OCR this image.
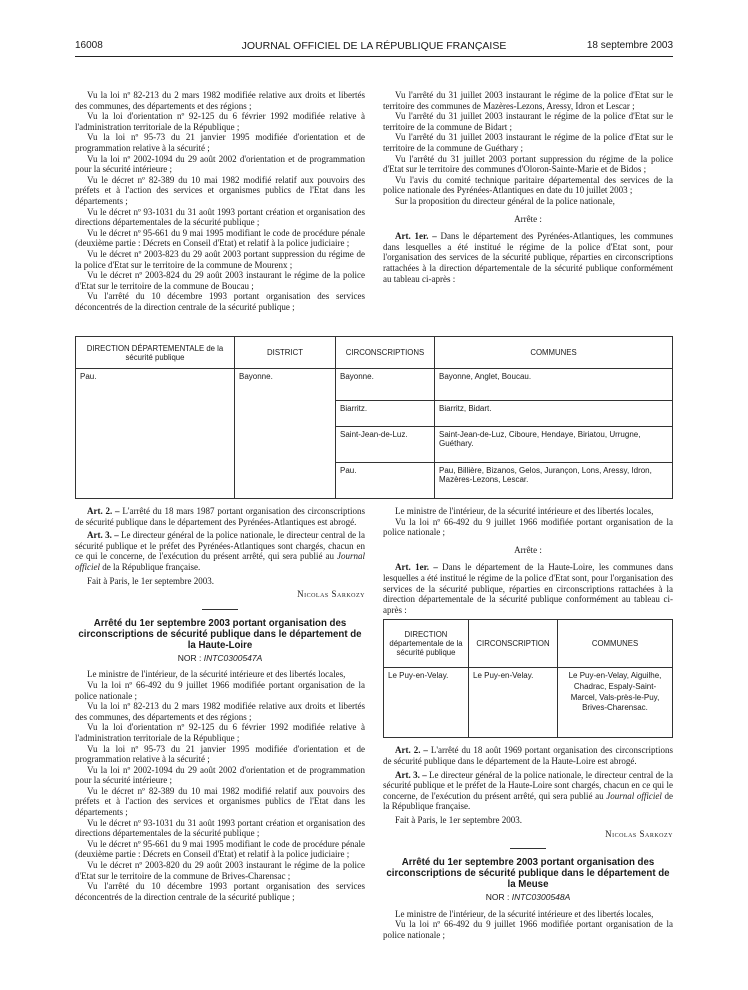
16008	JOURNAL OFFICIEL DE LA RÉPUBLIQUE FRANÇAISE	18 septembre 2003

Vu la loi nº 82-213 du 2 mars 1982 modifiée relative aux droits et libertés des communes, des départements et des régions ;

Vu la loi d'orientation nº 92-125 du 6 février 1992 modifiée relative à l'administration territoriale de la République ;

Vu la loi nº 95-73 du 21 janvier 1995 modifiée d'orientation et de programmation relative à la sécurité ;

Vu la loi nº 2002-1094 du 29 août 2002 d'orientation et de programmation pour la sécurité intérieure ;

Vu le décret nº 82-389 du 10 mai 1982 modifié relatif aux pouvoirs des préfets et à l'action des services et organismes publics de l'Etat dans les départements ;

Vu le décret nº 93-1031 du 31 août 1993 portant création et organisation des directions départementales de la sécurité publique ;

Vu le décret nº 95-661 du 9 mai 1995 modifiant le code de procédure pénale (deuxième partie : Décrets en Conseil d'Etat) et relatif à la police judiciaire ;

Vu le décret nº 2003-823 du 29 août 2003 portant suppression du régime de la police d'Etat sur le territoire de la commune de Mourenx ;

Vu le décret nº 2003-824 du 29 août 2003 instaurant le régime de la police d'Etat sur le territoire de la commune de Boucau ;

Vu l'arrêté du 10 décembre 1993 portant organisation des services déconcentrés de la direction centrale de la sécurité publique ;

Vu l'arrêté du 31 juillet 2003 instaurant le régime de la police d'Etat sur le territoire des communes de Mazères-Lezons, Aressy, Idron et Lescar ;

Vu l'arrêté du 31 juillet 2003 instaurant le régime de la police d'Etat sur le territoire de la commune de Bidart ;

Vu l'arrêté du 31 juillet 2003 instaurant le régime de la police d'Etat sur le territoire de la commune de Guéthary ;

Vu l'arrêté du 31 juillet 2003 portant suppression du régime de la police d'Etat sur le territoire des communes d'Oloron-Sainte-Marie et de Bidos ;

Vu l'avis du comité technique paritaire départemental des services de la police nationale des Pyrénées-Atlantiques en date du 10 juillet 2003 ;

Sur la proposition du directeur général de la police nationale,

Arrête :

Art. 1er. – Dans le département des Pyrénées-Atlantiques, les communes dans lesquelles a été institué le régime de la police d'Etat sont, pour l'organisation des services de la sécurité publique, réparties en circonscriptions rattachées à la direction départementale de la sécurité publique conformément au tableau ci-après :

DIRECTION DÉPARTEMENTALE de la sécurité publique	DISTRICT	CIRCONSCRIPTIONS	COMMUNES
Pau.	Bayonne.	Bayonne.	Bayonne, Anglet, Boucau.
		Biarritz.	Biarritz, Bidart.
		Saint-Jean-de-Luz.	Saint-Jean-de-Luz, Ciboure, Hendaye, Biriatou, Urrugne, Guéthary.
		Pau.	Pau, Billière, Bizanos, Gelos, Jurançon, Lons, Aressy, Idron, Mazères-Lezons, Lescar.

Art. 2. – L'arrêté du 18 mars 1987 portant organisation des circonscriptions de sécurité publique dans le département des Pyrénées-Atlantiques est abrogé.

Art. 3. – Le directeur général de la police nationale, le directeur central de la sécurité publique et le préfet des Pyrénées-Atlantiques sont chargés, chacun en ce qui le concerne, de l'exécution du présent arrêté, qui sera publié au Journal officiel de la République française.

Fait à Paris, le 1er septembre 2003.

Nicolas Sarkozy

Arrêté du 1er septembre 2003 portant organisation des circonscriptions de sécurité publique dans le département de la Haute-Loire
NOR : INTC0300547A

Le ministre de l'intérieur, de la sécurité intérieure et des libertés locales,

Vu la loi nº 66-492 du 9 juillet 1966 modifiée portant organisation de la police nationale ;

Vu la loi nº 82-213 du 2 mars 1982 modifiée relative aux droits et libertés des communes, des départements et des régions ;

Vu la loi d'orientation nº 92-125 du 6 février 1992 modifiée relative à l'administration territoriale de la République ;

Vu la loi nº 95-73 du 21 janvier 1995 modifiée d'orientation et de programmation relative à la sécurité ;

Vu la loi nº 2002-1094 du 29 août 2002 d'orientation et de programmation pour la sécurité intérieure ;

Vu le décret nº 82-389 du 10 mai 1982 modifié relatif aux pouvoirs des préfets et à l'action des services et organismes publics de l'Etat dans les départements ;

Vu le décret nº 93-1031 du 31 août 1993 portant création et organisation des directions départementales de la sécurité publique ;

Vu le décret nº 95-661 du 9 mai 1995 modifiant le code de procédure pénale (deuxième partie : Décrets en Conseil d'Etat) et relatif à la police judiciaire ;

Vu le décret nº 2003-820 du 29 août 2003 instaurant le régime de la police d'Etat sur le territoire de la commune de Brives-Charensac ;

Vu l'arrêté du 10 décembre 1993 portant organisation des services déconcentrés de la direction centrale de la sécurité publique ;

Le ministre de l'intérieur, de la sécurité intérieure et des libertés locales,

Vu la loi nº 66-492 du 9 juillet 1966 modifiée portant organisation de la police nationale ;

Arrête :

Art. 1er. – Dans le département de la Haute-Loire, les communes dans lesquelles a été institué le régime de la police d'Etat sont, pour l'organisation des services de la sécurité publique, réparties en circonscriptions rattachées à la direction départementale de la sécurité publique conformément au tableau ci-après :

DIRECTION départementale de la sécurité publique	CIRCONSCRIPTION	COMMUNES
Le Puy-en-Velay.	Le Puy-en-Velay.	Le Puy-en-Velay, Aiguilhe, Chadrac, Espaly-Saint-Marcel, Vals-près-le-Puy, Brives-Charensac.

Art. 2. – L'arrêté du 18 août 1969 portant organisation des circonscriptions de sécurité publique dans le département de la Haute-Loire est abrogé.

Art. 3. – Le directeur général de la police nationale, le directeur central de la sécurité publique et le préfet de la Haute-Loire sont chargés, chacun en ce qui le concerne, de l'exécution du présent arrêté, qui sera publié au Journal officiel de la République française.

Fait à Paris, le 1er septembre 2003.

Nicolas Sarkozy

Arrêté du 1er septembre 2003 portant organisation des circonscriptions de sécurité publique dans le département de la Meuse
NOR : INTC0300548A

Le ministre de l'intérieur, de la sécurité intérieure et des libertés locales,

Vu la loi nº 66-492 du 9 juillet 1966 modifiée portant organisation de la police nationale ;
